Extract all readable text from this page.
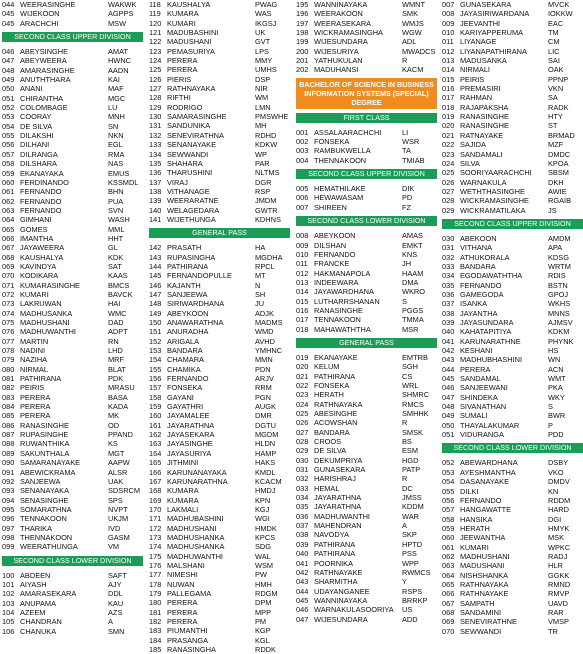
044 WEERASINGHE	WAKWK
045 WIJEKOON	AGPPS
045 ARACHCHI	MSW
SECOND CLASS UPPER DIVISION
046 ABEYSINGHE	AMAT
047 ABEYWEERA	HWNC
048 AMARASINGHE	AADN
049 ANUTHTHARA	KAI
050 ANANI	MAF
051 CHIRANTHA	MGC
052 COLOMBAGE	LU
053 COORAY	MNH
054 DE SILVA	SN
055 DILAKSHI	NKN
056 DILHANI	EGL
057 DILRANGA	RMA
058 DILSHARA	NAS
059 EKANAYAKA	EMUS
060 FERDINANDO	KSSMDL
061 FERNANDO	BHN
062 FERNANDO	PUA
063 FERNANDO	SVN
064 GIMHANI	WASH
065 GOMES	MML
066 IMANTHA	HHT
067 JAYAWEERA	GL
068 KAUSHALYA	KDK
069 KAVINDYA	SAT
070 KODIKARA	KAAS
071 KUMARASINGHE	BMCS
072 KUMARI	BAVCK
073 LAKRUWAN	HAI
074 MADHUSANKA	WMC
075 MADHUSHANI	DAD
076 MADHUWANTHI	ADPT
077 MARTIN	RN
078 NADINI	LHD
079 NAZIHA	MRF
080 NIRMAL	BLAT
081 PATHIRANA	PDK
082 PEIRIS	MRASU
083 PERERA	BASA
084 PERERA	KADA
085 PERERA	MK
086 RANASINGHE	OD
087 RUPASINGHE	PPAND
088 RUWANTHIKA	KS
089 SAKUNTHALA	MGT
090 SAMARANAYAKE	AAPW
091 ABEWICKRAMA	ALSR
092 SANJEEWA	UAK
093 SENANAYAKA	SDSRCM
094 SENASINGHE	SPS
095 SOMARATHNA	NVPT
096 TENNAKOON	UKJM
097 THARIKA	IVD
098 THENNAKOON	GASM
099 WEERATHUNGA	VM
SECOND CLASS LOWER DIVISION
100 ABDEEN	SAFT
101 AIYASH	AJY
102 AMARASEKARA	DDL
103 ANUPAMA	KAU
104 AZEEM	AZS
105 CHANDRAN	A
106 CHANUKA	SMN
118 KAUSHALYA	PWAG
119 KUMARA	WAS
120 KUMARI	IKGSJ
121 MADUBASHINI	UK
122 MADUSHANI	GVT
123 PEMASURIYA	LPS
124 PERERA	MMY
125 PERERA	UMHS
126 PIERIS	DSP
127 RATHNAYAKA	NIR
128 RIFTHI	WM
129 RODRIGO	LMN
130 SAMARASINGHE	PMSWHE
131 SANDUNIKA	MH
132 SENEVIRATHNA	RDHD
133 SENANAYAKE	KDKW
134 SEWWANDI	WP
135 SHAHARA	PAR
136 THARUSHINI	NLTMS
137 VIRAJ	DGR
138 VITHANAGE	RSP
139 WEERARATNE	JMDM
140 WELAGEDARA	GWTR
141 WIJETHUNGA	KDHNS
GENERAL PASS
142 PRASATH	HA
143 RUPASINGHA	MGDHA
144 PATHIRANA	RPCL
145 FERNANDOPULLE	MT
146 KAJANTH	N
147 SANJEEWA	SH
148 SIRIWARDHANA	JU
149 ABEYKOON	ADJK
150 ANAWARATHNA	MADMS
151 ANURADHA	WMD
152 ARIGALA	AVHD
153 BANDARA	YMHNC
154 CHAMARA	MMN
155 CHAMIKA	PDN
156 FERNANDO	ARJV
157 FONSEKA	RRM
158 GAYANI	PGN
159 GAYATHRI	AUGK
160 JAYAMALEE	DMR
161 JAYARATHNA	DGTU
162 JAYASEKARA	MGDM
163 JAYASINGHE	HLDN
164 JAYASURIYA	HAMP
165 JITHMINI	HAKS
166 KARUNANAYAKA	KMDL
167 KARUNARATHNA	KCACM
168 KUMARA	HMDJ
169 KUMARA	KPN
170 LAKMALI	KGJ
171 MADHUBASHINI	WGI
172 MADHUSHANI	HMDK
173 MADHUSHANKA	KPCS
174 MADHUSHANKA	SDG
175 MADHUWANTHI	WAL
176 MALSHANI	WSM
177 NIMESHI	PW
178 NUWAN	HMH
179 PALLEGAMA	RDGM
180 PERERA	DPM
181 PERERA	MPP
182 PERERA	PM
183 PIUMANTHI	KGP
184 PRASANGA	KGL
185 RANASINGHA	RDDK
195 WANNINAYAKA	WMNT
196 WEERAKOON	SMK
197 WEERASEKARA	WMJS
198 WICKRAMASINGHA	WGW
199 WIJESUNDARA	ADL
200 WIJESURIYA	MWADCS
201 YATHUKULAN	R
202 MADUHANSI	KACM
BACHELOR OF SCIENCE IN BUSINESS INFORMATION SYSTEMS (SPECIAL) DEGREE
FIRST CLASS
001 ASSALAARACHCHI	LI
002 FONSEKA	WSR
003 RAMBUKWELLA	TA
004 THENNAKOON	TMIAB
SECOND CLASS UPPER DIVISION
005 HEMATHILAKE	DIK
006 HEWAWASAM	PD
007 SHIREEN	FZ
SECOND CLASS LOWER DIVISION
008 ABEYKOON	AMAS
009 DILSHAN	EMKT
010 FERNANDO	KNS
011 FRANCKE	JH
012 HAKMANAPOLA	HAAM
013 INDEEWARA	DMA
014 JAYAWARDHANA	WKRO
015 LUTHARRSHANAN	S
016 RANASINGHE	PGGS
017 TENNAKOON	TMMA
018 MAHAWATHTHA	MSR
GENERAL PASS
019 EKANAYAKE	EMTRB
020 KELUM	SGH
021 PATHIRANA	CS
022 FONSEKA	WRL
023 HERATH	SHMRC
024 RATHNAYAKA	RMCS
025 ABESINGHE	SMHHK
026 ACOWSHAN	R
027 BANDARA	SMSK
028 CROOS	BS
029 DE SILVA	ESM
030 DEKUMPRIYA	HGD
031 GUNASEKARA	PATP
032 HARISHRAJ	R
033 HEMAL	DC
034 JAYARATHNA	JMSS
035 JAYARATHNA	KDDM
036 MADHUWANTHI	WAR
037 MAHENDRAN	A
038 NAVODYA	SKP
039 PATHIRANA	HPTD
040 PATHIRANA	PSS
041 POORNIKA	WPP
042 RATHNAYAKE	RWMCS
043 SHARMITHA	Y
044 UDAYANGANEE	RSPS
045 WANNINAYAKA	BRRKP
046 WARNAKULASOORIYA	US
047 WIJESUNDARA	ADD
007 GUNASEKARA	MVCK
008 JAYASIRIWARDANA	IOKKW
009 JEEVANTHI	EAC
010 KARIYAPPERUMA	TM
011 LIYANAGE	CM
012 LIYANAPATHIRANA	LIC
013 MADUSANKA	SAI
014 NIRMALI	OAK
015 PEIRIS	PPNP
016 PREMASIRI	VKN
017 RAHMAN	SA
018 RAJAPAKSHA	RADK
019 RANASINGHE	HTY
020 RANASINGHE	ST
021 RATNAYAKE	BRMAD
022 SAJIDA	MZF
023 SANDAMALI	DMDC
024 SILVA	KPOA
025 SOORIYAARACHCHI	SBSM
026 WARNAKULA	DKH
027 WETHTHASINGHE	AWIE
028 WICKRAMASINGHE	RGAIB
029 WICKRAMATILAKA	JS
SECOND CLASS UPPER DIVISION
030 ABEKOON	AMDM
031 VITHANA	APA
032 ATHUKORALA	KDSG
033 BANDARA	WRTM
034 EGODAWATHTHA	RDIS
035 FERNANDO	BSTN
036 GAMEGODA	GPOJ
037 ISANKA	WKHS
038 JAYANTHA	MNNS
039 JAYASUNDARA	AJMSV
040 KAHATAPITIYA	KDKM
041 KARUNARATHNE	PHYNK
042 KESHANI	HS
043 MADHUBHASHINI	WN
044 PERERA	ACN
045 SANDAMAL	WMT
046 SANJEEWANI	PKA
047 SHINDEKA	WKY
048 SIVANATHAN	S
049 SUMALI	BWR
050 THAYALAKUMAR	P
051 VIDURANGA	PDD
SECOND CLASS LOWER DIVISION
052 ABEWARDHANA	DSBY
053 AYESHMANTHA	VKO
054 DASANAYAKE	DMDV
055 DILKI	KN
056 FERNANDO	RDDM
057 HANGAWATTE	HARD
058 HANSIKA	DGI
059 HERATH	HMYK
060 JEEWANTHA	MSK
061 KUMARI	WPKC
062 MADHUSHANI	RADJ
063 MADUSHANI	HLR
064 NISHSHANKA	GGKK
065 RATHNAYAKA	RMND
066 RATHNAYAKE	RMVP
067 SAMPATH	UAVD
068 SANDAMINI	RAR
069 SENEVIRATHNE	VMSP
070 SEWWANDI	TR
